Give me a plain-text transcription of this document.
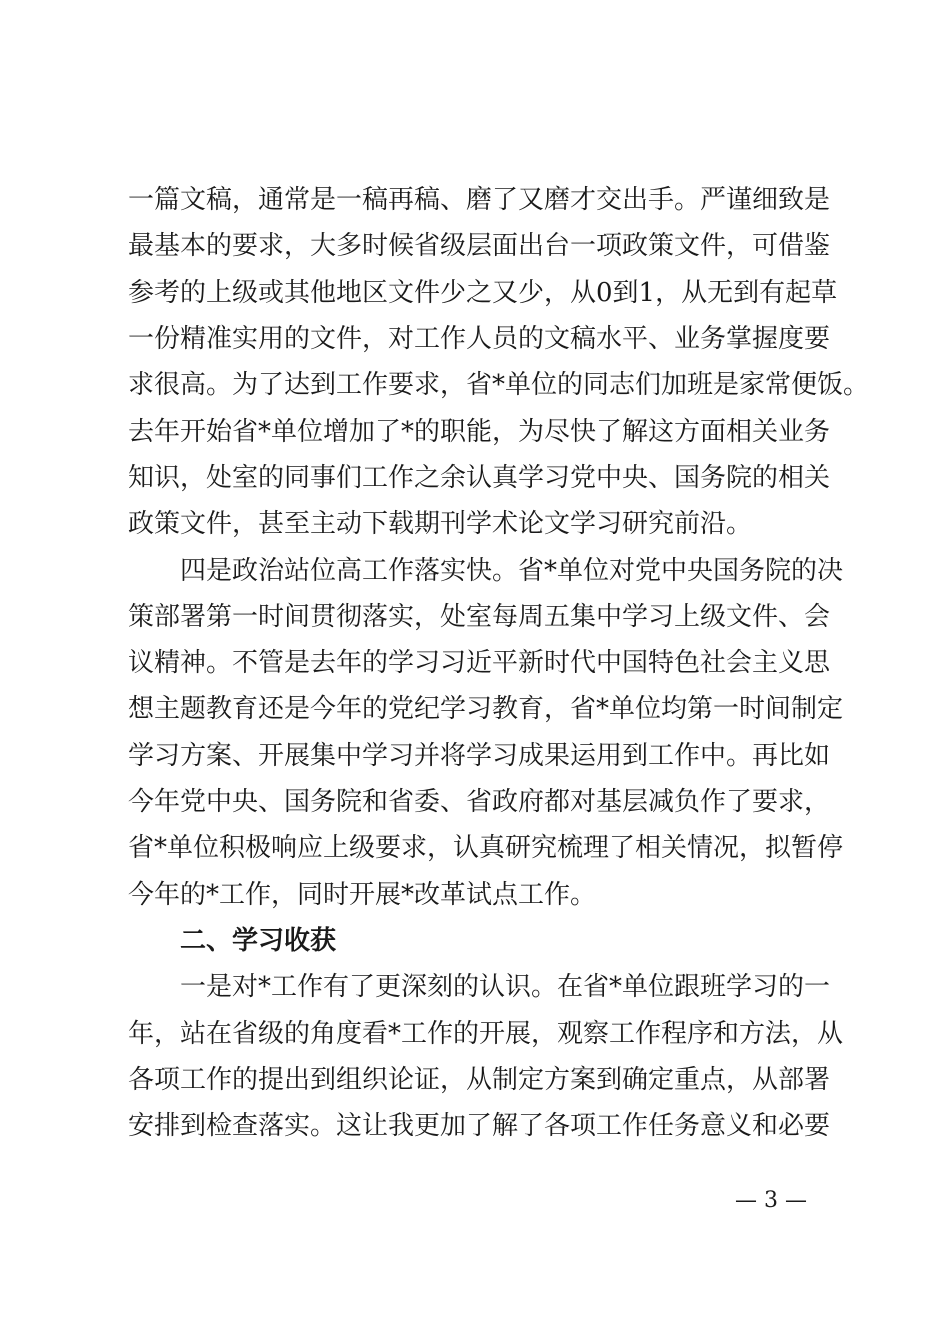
一篇文稿，通常是一稿再稿、磨了又磨才交出手。严谨细致是
最基本的要求，大多时候省级层面出台一项政策文件，可借鉴
参考的上级或其他地区文件少之又少，从0到1，从无到有起草
一份精准实用的文件，对工作人员的文稿水平、业务掌握度要
求很高。为了达到工作要求，省*单位的同志们加班是家常便饭。
去年开始省*单位增加了*的职能，为尽快了解这方面相关业务
知识，处室的同事们工作之余认真学习党中央、国务院的相关
政策文件，甚至主动下载期刊学术论文学习研究前沿。
四是政治站位高工作落实快。省*单位对党中央国务院的决
策部署第一时间贯彻落实，处室每周五集中学习上级文件、会
议精神。不管是去年的学习习近平新时代中国特色社会主义思
想主题教育还是今年的党纪学习教育，省*单位均第一时间制定
学习方案、开展集中学习并将学习成果运用到工作中。再比如
今年党中央、国务院和省委、省政府都对基层减负作了要求，
省*单位积极响应上级要求，认真研究梳理了相关情况，拟暂停
今年的*工作，同时开展*改革试点工作。
二、学习收获
一是对*工作有了更深刻的认识。在省*单位跟班学习的一
年，站在省级的角度看*工作的开展，观察工作程序和方法，从
各项工作的提出到组织论证，从制定方案到确定重点，从部署
安排到检查落实。这让我更加了解了各项工作任务意义和必要
— 3 —
